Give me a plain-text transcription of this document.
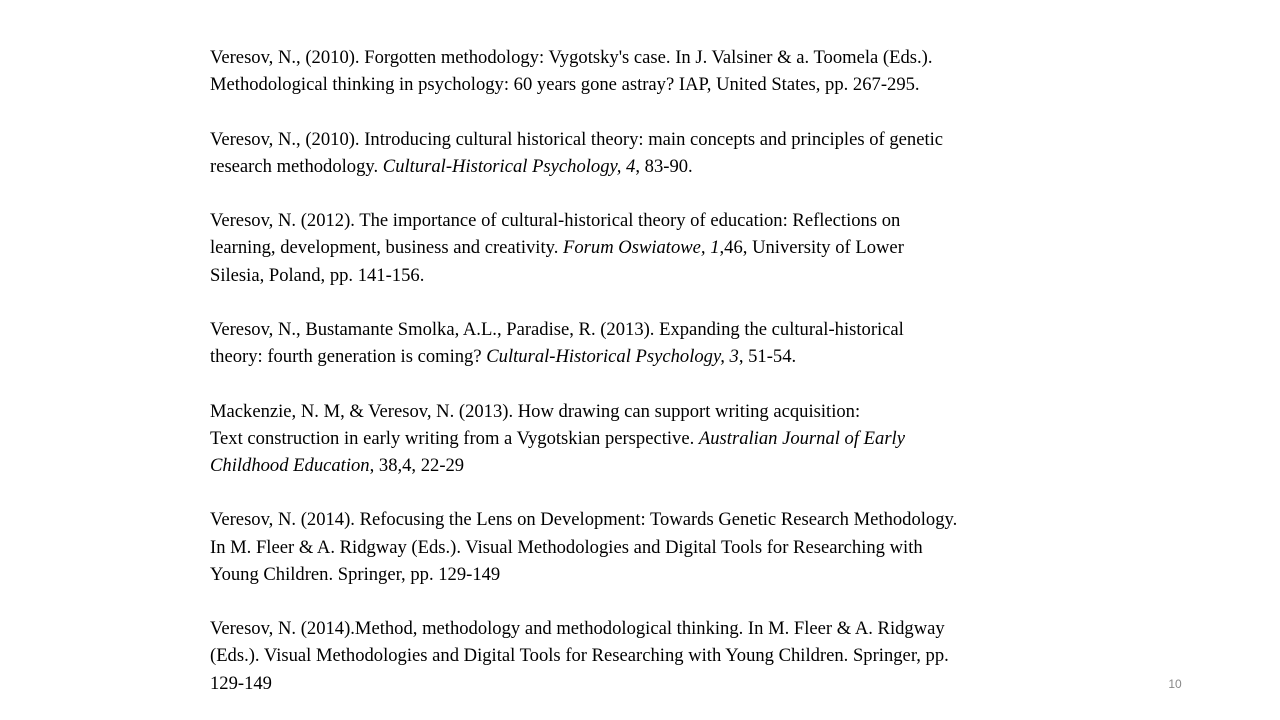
Veresov, N., (2010). Forgotten methodology: Vygotsky's case. In J. Valsiner & a. Toomela (Eds.).
Methodological thinking in psychology: 60 years gone astray? IAP, United States, pp. 267-295.
Veresov, N., (2010). Introducing cultural historical theory: main concepts and principles of genetic
research methodology. Cultural-Historical Psychology, 4, 83-90.
Veresov, N. (2012). The importance of cultural-historical theory of education: Reflections on
learning, development, business and creativity. Forum Oswiatowe, 1,46, University of Lower
Silesia, Poland, pp. 141-156.
Veresov, N., Bustamante Smolka, A.L., Paradise, R. (2013). Expanding the cultural-historical
theory: fourth generation is coming? Cultural-Historical Psychology, 3, 51-54.
Mackenzie, N. M, & Veresov, N. (2013). How drawing can support writing acquisition:
Text construction in early writing from a Vygotskian perspective. Australian Journal of Early
Childhood Education, 38,4, 22-29
Veresov, N. (2014). Refocusing the Lens on Development: Towards Genetic Research Methodology.
In M. Fleer & A. Ridgway (Eds.). Visual Methodologies and Digital Tools for Researching with
Young Children. Springer, pp. 129-149
Veresov, N. (2014).Method, methodology and methodological thinking. In M. Fleer & A. Ridgway
(Eds.). Visual Methodologies and Digital Tools for Researching with Young Children. Springer, pp.
129-149	10
